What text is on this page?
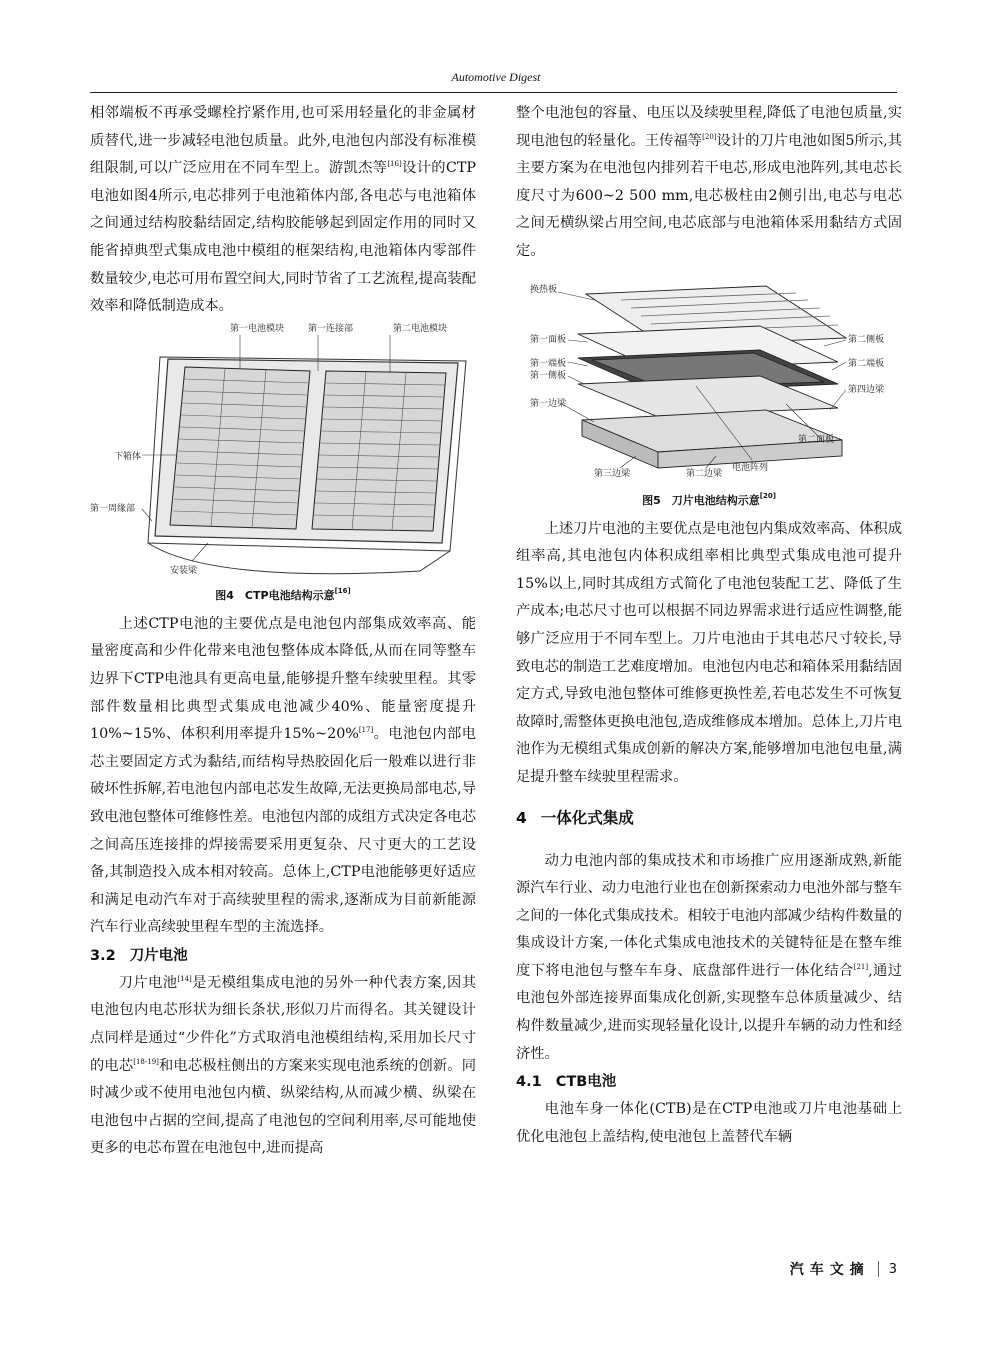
Automotive Digest

相邻端板不再承受螺栓拧紧作用,也可采用轻量化的非金属材质替代,进一步减轻电池包质量。此外,电池包内部没有标准模组限制,可以广泛应用在不同车型上。游凯杰等[16]设计的CTP电池如图4所示,电芯排列于电池箱体内部,各电芯与电池箱体之间通过结构胶黏结固定,结构胶能够起到固定作用的同时又能省掉典型式集成电池中模组的框架结构,电池箱体内零部件数量较少,电芯可用布置空间大,同时节省了工艺流程,提高装配效率和降低制造成本。

第一电池模块	第一连接部	第二电池模块
下箱体
第一周缘部
安装梁
图4　CTP电池结构示意[16]

上述CTP电池的主要优点是电池包内部集成效率高、能量密度高和少件化带来电池包整体成本降低,从而在同等整车边界下CTP电池具有更高电量,能够提升整车续驶里程。其零部件数量相比典型式集成电池减少40%、能量密度提升10%~15%、体积利用率提升15%~20%[17]。电池包内部电芯主要固定方式为黏结,而结构导热胶固化后一般难以进行非破坏性拆解,若电池包内部电芯发生故障,无法更换局部电芯,导致电池包整体可维修性差。电池包内部的成组方式决定各电芯之间高压连接排的焊接需要采用更复杂、尺寸更大的工艺设备,其制造投入成本相对较高。总体上,CTP电池能够更好适应和满足电动汽车对于高续驶里程的需求,逐渐成为目前新能源汽车行业高续驶里程车型的主流选择。

3.2 刀片电池

刀片电池[14]是无模组集成电池的另外一种代表方案,因其电池包内电芯形状为细长条状,形似刀片而得名。其关键设计点同样是通过“少件化”方式取消电池模组结构,采用加长尺寸的电芯[18-19]和电芯极柱侧出的方案来实现电池系统的创新。同时减少或不使用电池包内横、纵梁结构,从而减少横、纵梁在电池包中占据的空间,提高了电池包的空间利用率,尽可能地使更多的电芯布置在电池包中,进而提高

整个电池包的容量、电压以及续驶里程,降低了电池包质量,实现电池包的轻量化。王传福等[20]设计的刀片电池如图5所示,其主要方案为在电池包内排列若干电芯,形成电池阵列,其电芯长度尺寸为600~2 500 mm,电芯极柱由2侧引出,电芯与电芯之间无横纵梁占用空间,电芯底部与电池箱体采用黏结方式固定。

换热板
第一面板
第一端板
第一侧板
第一边梁
第三边梁	第二边梁
电池阵列
第二侧板
第二端板
第四边梁
第二面板
图5　刀片电池结构示意[20]

上述刀片电池的主要优点是电池包内集成效率高、体积成组率高,其电池包内体积成组率相比典型式集成电池可提升15%以上,同时其成组方式简化了电池包装配工艺、降低了生产成本;电芯尺寸也可以根据不同边界需求进行适应性调整,能够广泛应用于不同车型上。刀片电池由于其电芯尺寸较长,导致电芯的制造工艺难度增加。电池包内电芯和箱体采用黏结固定方式,导致电池包整体可维修更换性差,若电芯发生不可恢复故障时,需整体更换电池包,造成维修成本增加。总体上,刀片电池作为无模组式集成创新的解决方案,能够增加电池包电量,满足提升整车续驶里程需求。

4 一体化式集成

动力电池内部的集成技术和市场推广应用逐渐成熟,新能源汽车行业、动力电池行业也在创新探索动力电池外部与整车之间的一体化式集成技术。相较于电池内部减少结构件数量的集成设计方案,一体化式集成电池技术的关键特征是在整车维度下将电池包与整车车身、底盘部件进行一体化结合[21],通过电池包外部连接界面集成化创新,实现整车总体质量减少、结构件数量减少,进而实现轻量化设计,以提升车辆的动力性和经济性。

4.1 CTB电池

电池车身一体化(CTB)是在CTP电池或刀片电池基础上优化电池包上盖结构,使电池包上盖替代车辆

汽车文摘 3
